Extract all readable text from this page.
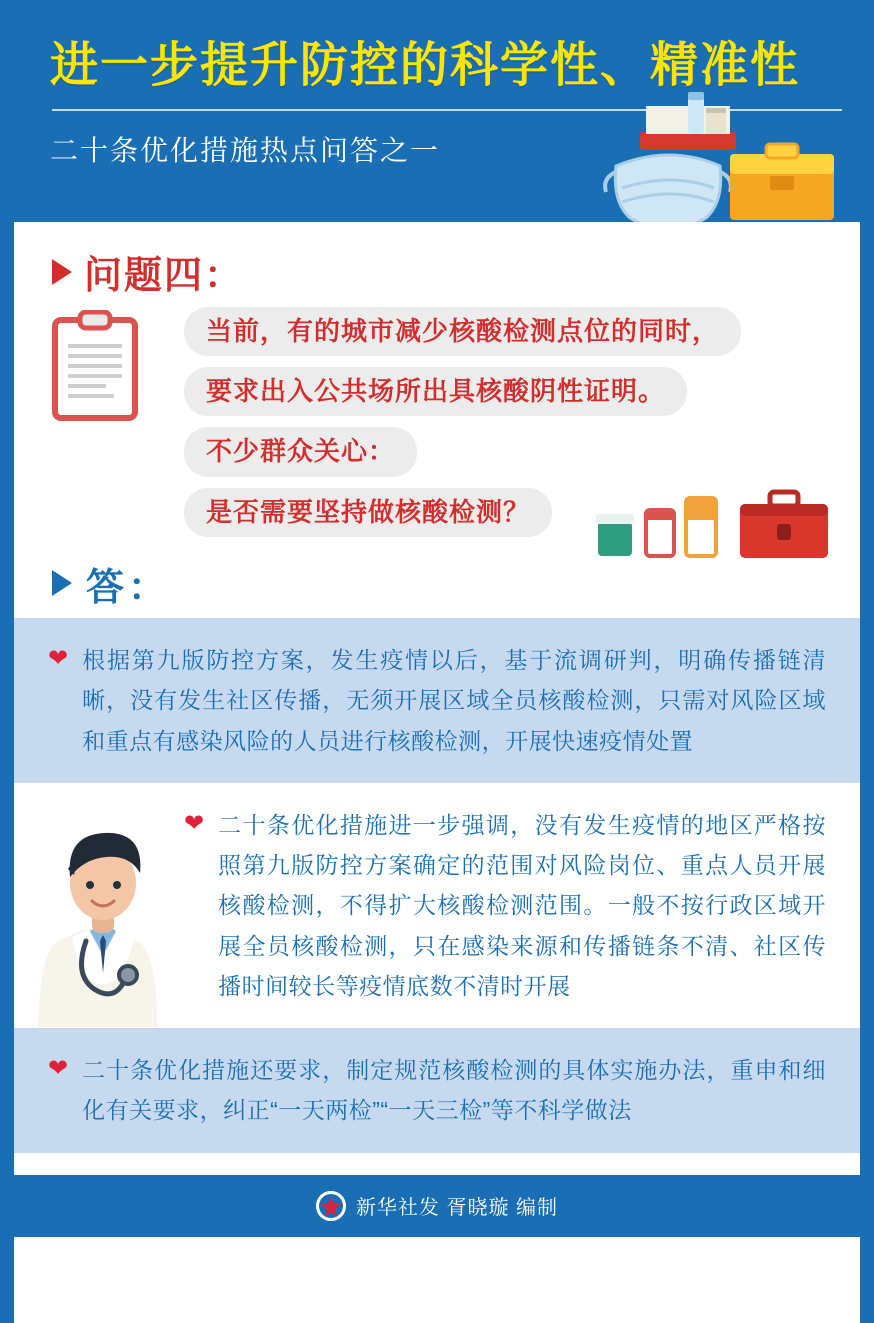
进一步提升防控的科学性、精准性
二十条优化措施热点问答之一
问题四：
当前，有的城市减少核酸检测点位的同时，
要求出入公共场所出具核酸阴性证明。
不少群众关心：
是否需要坚持做核酸检测？
答：
❤ 根据第九版防控方案，发生疫情以后，基于流调研判，明确传播链清晰，没有发生社区传播，无须开展区域全员核酸检测，只需对风险区域和重点有感染风险的人员进行核酸检测，开展快速疫情处置
❤ 二十条优化措施进一步强调，没有发生疫情的地区严格按照第九版防控方案确定的范围对风险岗位、重点人员开展核酸检测，不得扩大核酸检测范围。一般不按行政区域开展全员核酸检测，只在感染来源和传播链条不清、社区传播时间较长等疫情底数不清时开展
❤ 二十条优化措施还要求，制定规范核酸检测的具体实施办法，重申和细化有关要求，纠正“一天两检”“一天三检”等不科学做法
新华社发 胥晓璇 编制
